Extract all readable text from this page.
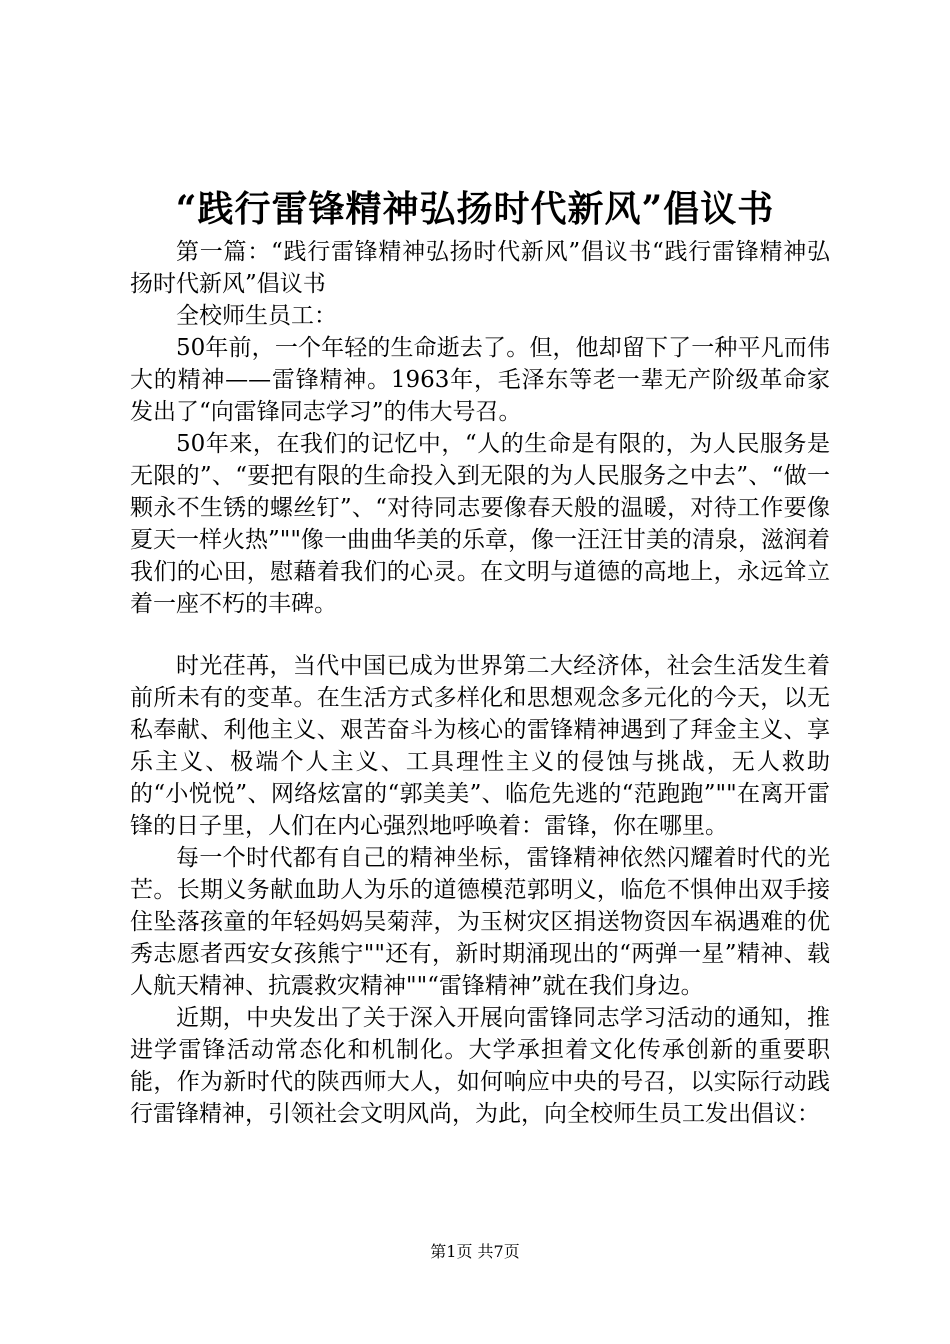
“践行雷锋精神弘扬时代新风”倡议书

第一篇：“践行雷锋精神弘扬时代新风”倡议书“践行雷锋精神弘扬时代新风”倡议书

全校师生员工：

50年前，一个年轻的生命逝去了。但，他却留下了一种平凡而伟大的精神——雷锋精神。1963年，毛泽东等老一辈无产阶级革命家发出了“向雷锋同志学习”的伟大号召。

50年来，在我们的记忆中，“人的生命是有限的，为人民服务是无限的”、“要把有限的生命投入到无限的为人民服务之中去”、“做一颗永不生锈的螺丝钉”、“对待同志要像春天般的温暖，对待工作要像夏天一样火热”""像一曲曲华美的乐章，像一汪汪甘美的清泉，滋润着我们的心田，慰藉着我们的心灵。在文明与道德的高地上，永远耸立着一座不朽的丰碑。

时光荏苒，当代中国已成为世界第二大经济体，社会生活发生着前所未有的变革。在生活方式多样化和思想观念多元化的今天，以无私奉献、利他主义、艰苦奋斗为核心的雷锋精神遇到了拜金主义、享乐主义、极端个人主义、工具理性主义的侵蚀与挑战，无人救助的“小悦悦”、网络炫富的“郭美美”、临危先逃的“范跑跑”""在离开雷锋的日子里，人们在内心强烈地呼唤着：雷锋，你在哪里。

每一个时代都有自己的精神坐标，雷锋精神依然闪耀着时代的光芒。长期义务献血助人为乐的道德模范郭明义，临危不惧伸出双手接住坠落孩童的年轻妈妈吴菊萍，为玉树灾区捐送物资因车祸遇难的优秀志愿者西安女孩熊宁""还有，新时期涌现出的“两弹一星”精神、载人航天精神、抗震救灾精神""“雷锋精神”就在我们身边。

近期，中央发出了关于深入开展向雷锋同志学习活动的通知，推进学雷锋活动常态化和机制化。大学承担着文化传承创新的重要职能，作为新时代的陕西师大人，如何响应中央的号召，以实际行动践行雷锋精神，引领社会文明风尚，为此，向全校师生员工发出倡议：

第1页 共7页
